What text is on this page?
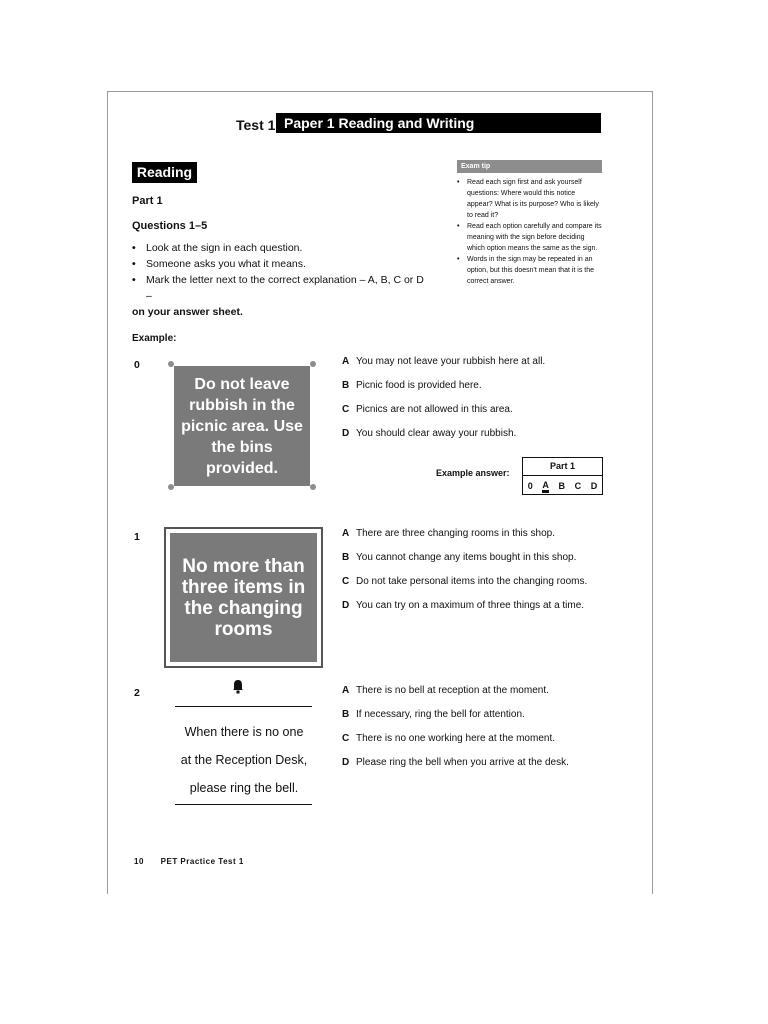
Test 1 Paper 1 Reading and Writing
Reading
Part 1
Questions 1–5
• Look at the sign in each question.
• Someone asks you what it means.
• Mark the letter next to the correct explanation – A, B, C or D –
on your answer sheet.
Exam tip
•	Read each sign first and ask yourself questions: Where would this notice appear? What is its purpose? Who is likely to read it?
•	Read each option carefully and compare its meaning with the sign before deciding which option means the same as the sign.
•	Words in the sign may be repeated in an option, but this doesn't mean that it is the correct answer.
Example:
0
Do not leave rubbish in the picnic area. Use the bins provided.
A You may not leave your rubbish here at all.
B Picnic food is provided here.
C Picnics are not allowed in this area.
D You should clear away your rubbish.
Example answer:
Part 1
0 A B C D
1
No more than three items in the changing rooms
A There are three changing rooms in this shop.
B You cannot change any items bought in this shop.
C Do not take personal items into the changing rooms.
D You can try on a maximum of three things at a time.
2
When there is no one
at the Reception Desk,
please ring the bell.
A There is no bell at reception at the moment.
B If necessary, ring the bell for attention.
C There is no one working here at the moment.
D Please ring the bell when you arrive at the desk.
10 PET Practice Test 1
